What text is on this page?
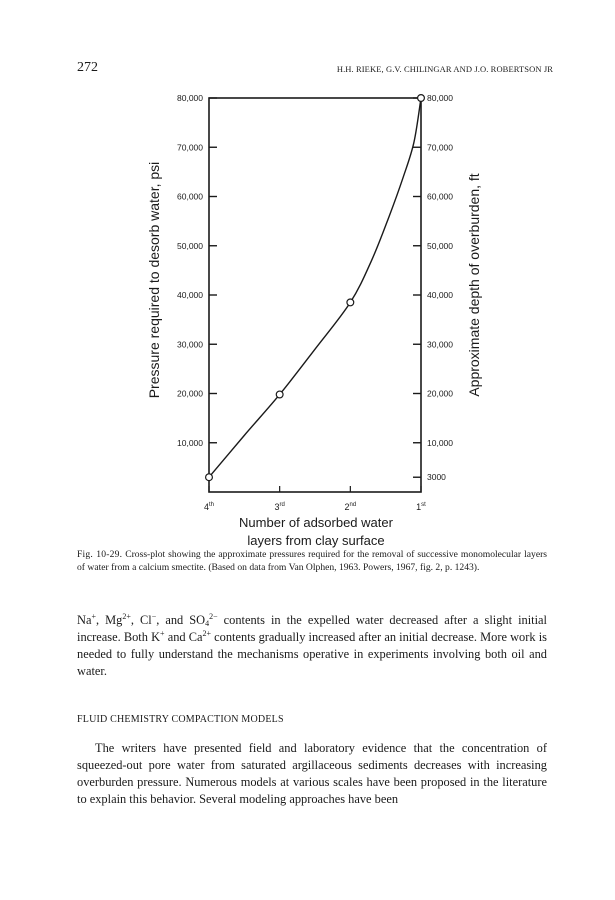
272	H.H. RIEKE, G.V. CHILINGAR AND J.O. ROBERTSON JR
10,000
20,000
30,000
40,000
50,000
60,000
70,000
80,000
3000
10,000
20,000
30,000
40,000
50,000
60,000
70,000
80,000
4th	3rd	2nd	1st
Pressure required to desorb water, psi	Approximate depth of overburden, ft
Number of adsorbed water
layers from clay surface
Fig. 10-29. Cross-plot showing the approximate pressures required for the removal of successive monomolecular layers of water from a calcium smectite. (Based on data from Van Olphen, 1963. Powers, 1967, fig. 2, p. 1243).
Na+, $Mg^{2+}$, Cl−, and $SO_4^{2-}$ contents in the expelled water decreased after a slight initial increase. Both K+ and $Ca^{2+}$ contents gradually increased after an initial decrease. More work is needed to fully understand the mechanisms operative in experiments involving both oil and water.
FLUID CHEMISTRY COMPACTION MODELS
The writers have presented field and laboratory evidence that the concentration of squeezed-out pore water from saturated argillaceous sediments decreases with increasing overburden pressure. Numerous models at various scales have been proposed in the literature to explain this behavior. Several modeling approaches have been
